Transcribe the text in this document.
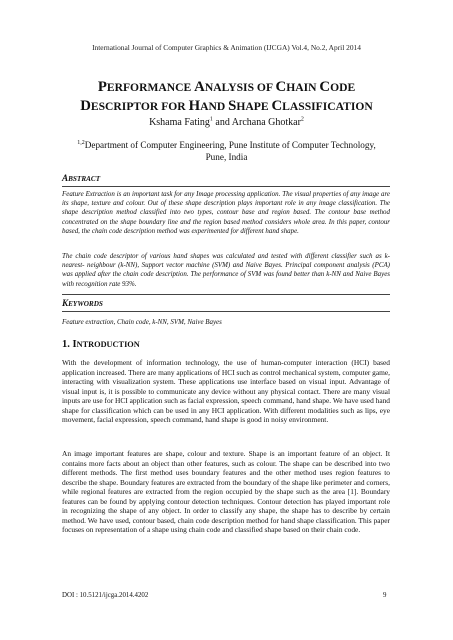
International Journal of Computer Graphics & Animation (IJCGA) Vol.4, No.2, April 2014
PERFORMANCE ANALYSIS OF CHAIN CODE
DESCRIPTOR FOR HAND SHAPE CLASSIFICATION
Kshama Fating$^1$ and Archana Ghotkar$^2$
$^{1,2}$Department of Computer Engineering, Pune Institute of Computer Technology,
Pune, India
ABSTRACT
Feature Extraction is an important task for any Image processing application. The visual properties of any image are its shape, texture and colour. Out of these shape description plays important role in any image classification. The shape description method classified into two types, contour base and region based. The contour base method concentrated on the shape boundary line and the region based method considers whole area. In this paper, contour based, the chain code description method was experimented for different hand shape.
The chain code descriptor of various hand shapes was calculated and tested with different classifier such as k-nearest- neighbour (k-NN), Support vector machine (SVM) and Naive Bayes. Principal component analysis (PCA) was applied after the chain code description. The performance of SVM was found better than k-NN and Naive Bayes with recognition rate 93%.
KEYWORDS
Feature extraction, Chain code, k-NN, SVM, Naive Bayes
1. INTRODUCTION
With the development of information technology, the use of human-computer interaction (HCI) based application increased. There are many applications of HCI such as control mechanical system, computer game, interacting with visualization system. These applications use interface based on visual input. Advantage of visual input is, it is possible to communicate any device without any physical contact. There are many visual inputs are use for HCI application such as facial expression, speech command, hand shape. We have used hand shape for classification which can be used in any HCI application. With different modalities such as lips, eye movement, facial expression, speech command, hand shape is good in noisy environment.
An image important features are shape, colour and texture. Shape is an important feature of an object. It contains more facts about an object than other features, such as colour. The shape can be described into two different methods. The first method uses boundary features and the other method uses region features to describe the shape. Boundary features are extracted from the boundary of the shape like perimeter and corners, while regional features are extracted from the region occupied by the shape such as the area [1]. Boundary features can be found by applying contour detection techniques. Contour detection has played important role in recognizing the shape of any object. In order to classify any shape, the shape has to describe by certain method. We have used, contour based, chain code description method for hand shape classification. This paper focuses on representation of a shape using chain code and classified shape based on their chain code.
DOI : 10.5121/ijcga.2014.4202	9
